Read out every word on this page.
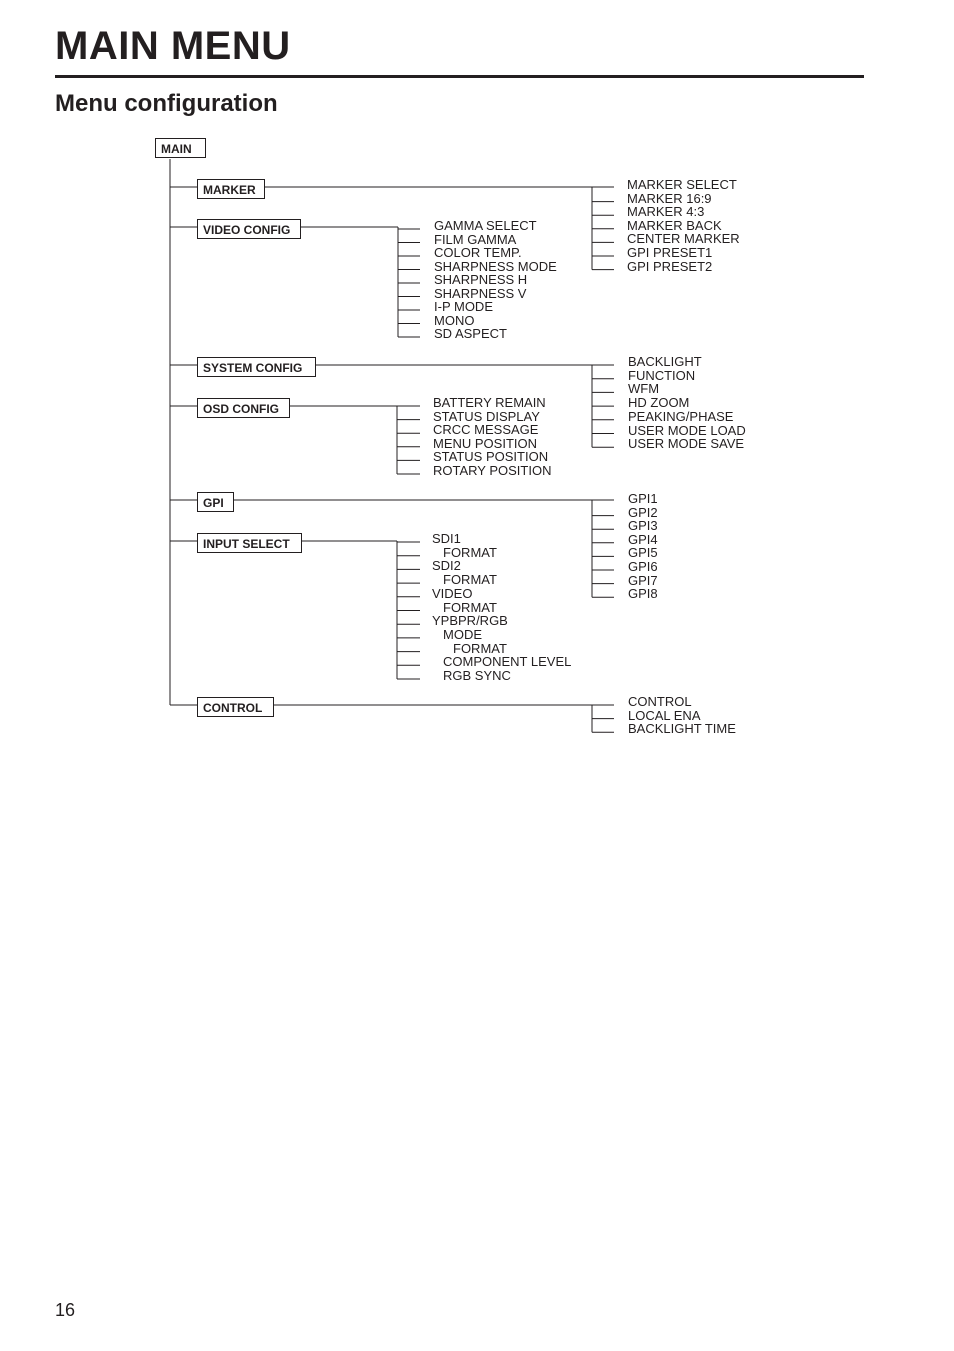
MAIN MENU
Menu configuration
MAIN
MARKER
VIDEO CONFIG
SYSTEM CONFIG
OSD CONFIG
GPI
INPUT SELECT
CONTROL
GAMMA SELECT
FILM GAMMA
COLOR TEMP.
SHARPNESS MODE
SHARPNESS H
SHARPNESS V
I-P MODE
MONO
SD ASPECT
BATTERY REMAIN
STATUS DISPLAY
CRCC MESSAGE
MENU POSITION
STATUS POSITION
ROTARY POSITION
SDI1
FORMAT
SDI2
FORMAT
VIDEO
FORMAT
YPBPR/RGB
MODE
FORMAT
COMPONENT LEVEL
RGB SYNC
MARKER SELECT
MARKER 16:9
MARKER 4:3
MARKER BACK
CENTER MARKER
GPI PRESET1
GPI PRESET2
BACKLIGHT
FUNCTION
WFM
HD ZOOM
PEAKING/PHASE
USER MODE LOAD
USER MODE SAVE
GPI1
GPI2
GPI3
GPI4
GPI5
GPI6
GPI7
GPI8
CONTROL
LOCAL ENA
BACKLIGHT TIME
16
